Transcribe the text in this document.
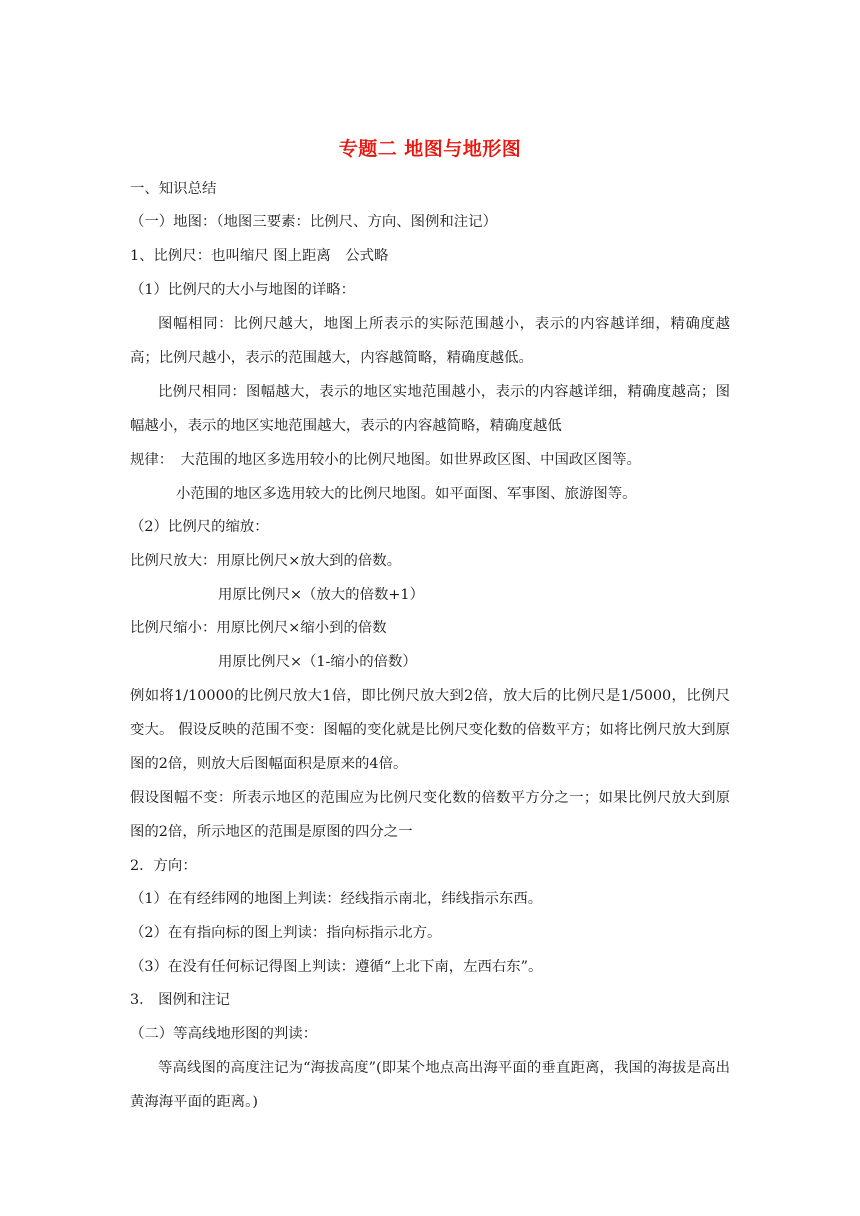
专题二 地图与地形图
一、知识总结
（一）地图：（地图三要素：比例尺、方向、图例和注记）
1、比例尺：也叫缩尺 图上距离　公式略
（1）比例尺的大小与地图的详略：
图幅相同：比例尺越大，地图上所表示的实际范围越小，表示的内容越详细，精确度越高；比例尺越小，表示的范围越大，内容越简略，精确度越低。
比例尺相同：图幅越大，表示的地区实地范围越小，表示的内容越详细，精确度越高；图幅越小，表示的地区实地范围越大，表示的内容越简略，精确度越低
规律：　大范围的地区多选用较小的比例尺地图。如世界政区图、中国政区图等。
小范围的地区多选用较大的比例尺地图。如平面图、军事图、旅游图等。
（2）比例尺的缩放：
比例尺放大：用原比例尺×放大到的倍数。
用原比例尺×（放大的倍数+1）
比例尺缩小：用原比例尺×缩小到的倍数
用原比例尺×（1-缩小的倍数）
例如将1/10000的比例尺放大1倍，即比例尺放大到2倍，放大后的比例尺是1/5000，比例尺变大。 假设反映的范围不变：图幅的变化就是比例尺变化数的倍数平方；如将比例尺放大到原图的2倍，则放大后图幅面积是原来的4倍。
假设图幅不变：所表示地区的范围应为比例尺变化数的倍数平方分之一；如果比例尺放大到原图的2倍，所示地区的范围是原图的四分之一
2．方向：
（1）在有经纬网的地图上判读：经线指示南北，纬线指示东西。
（2）在有指向标的图上判读：指向标指示北方。
（3）在没有任何标记得图上判读：遵循“上北下南，左西右东”。
3． 图例和注记
（二）等高线地形图的判读：
等高线图的高度注记为“海拔高度”(即某个地点高出海平面的垂直距离，我国的海拔是高出黄海海平面的距离。)
